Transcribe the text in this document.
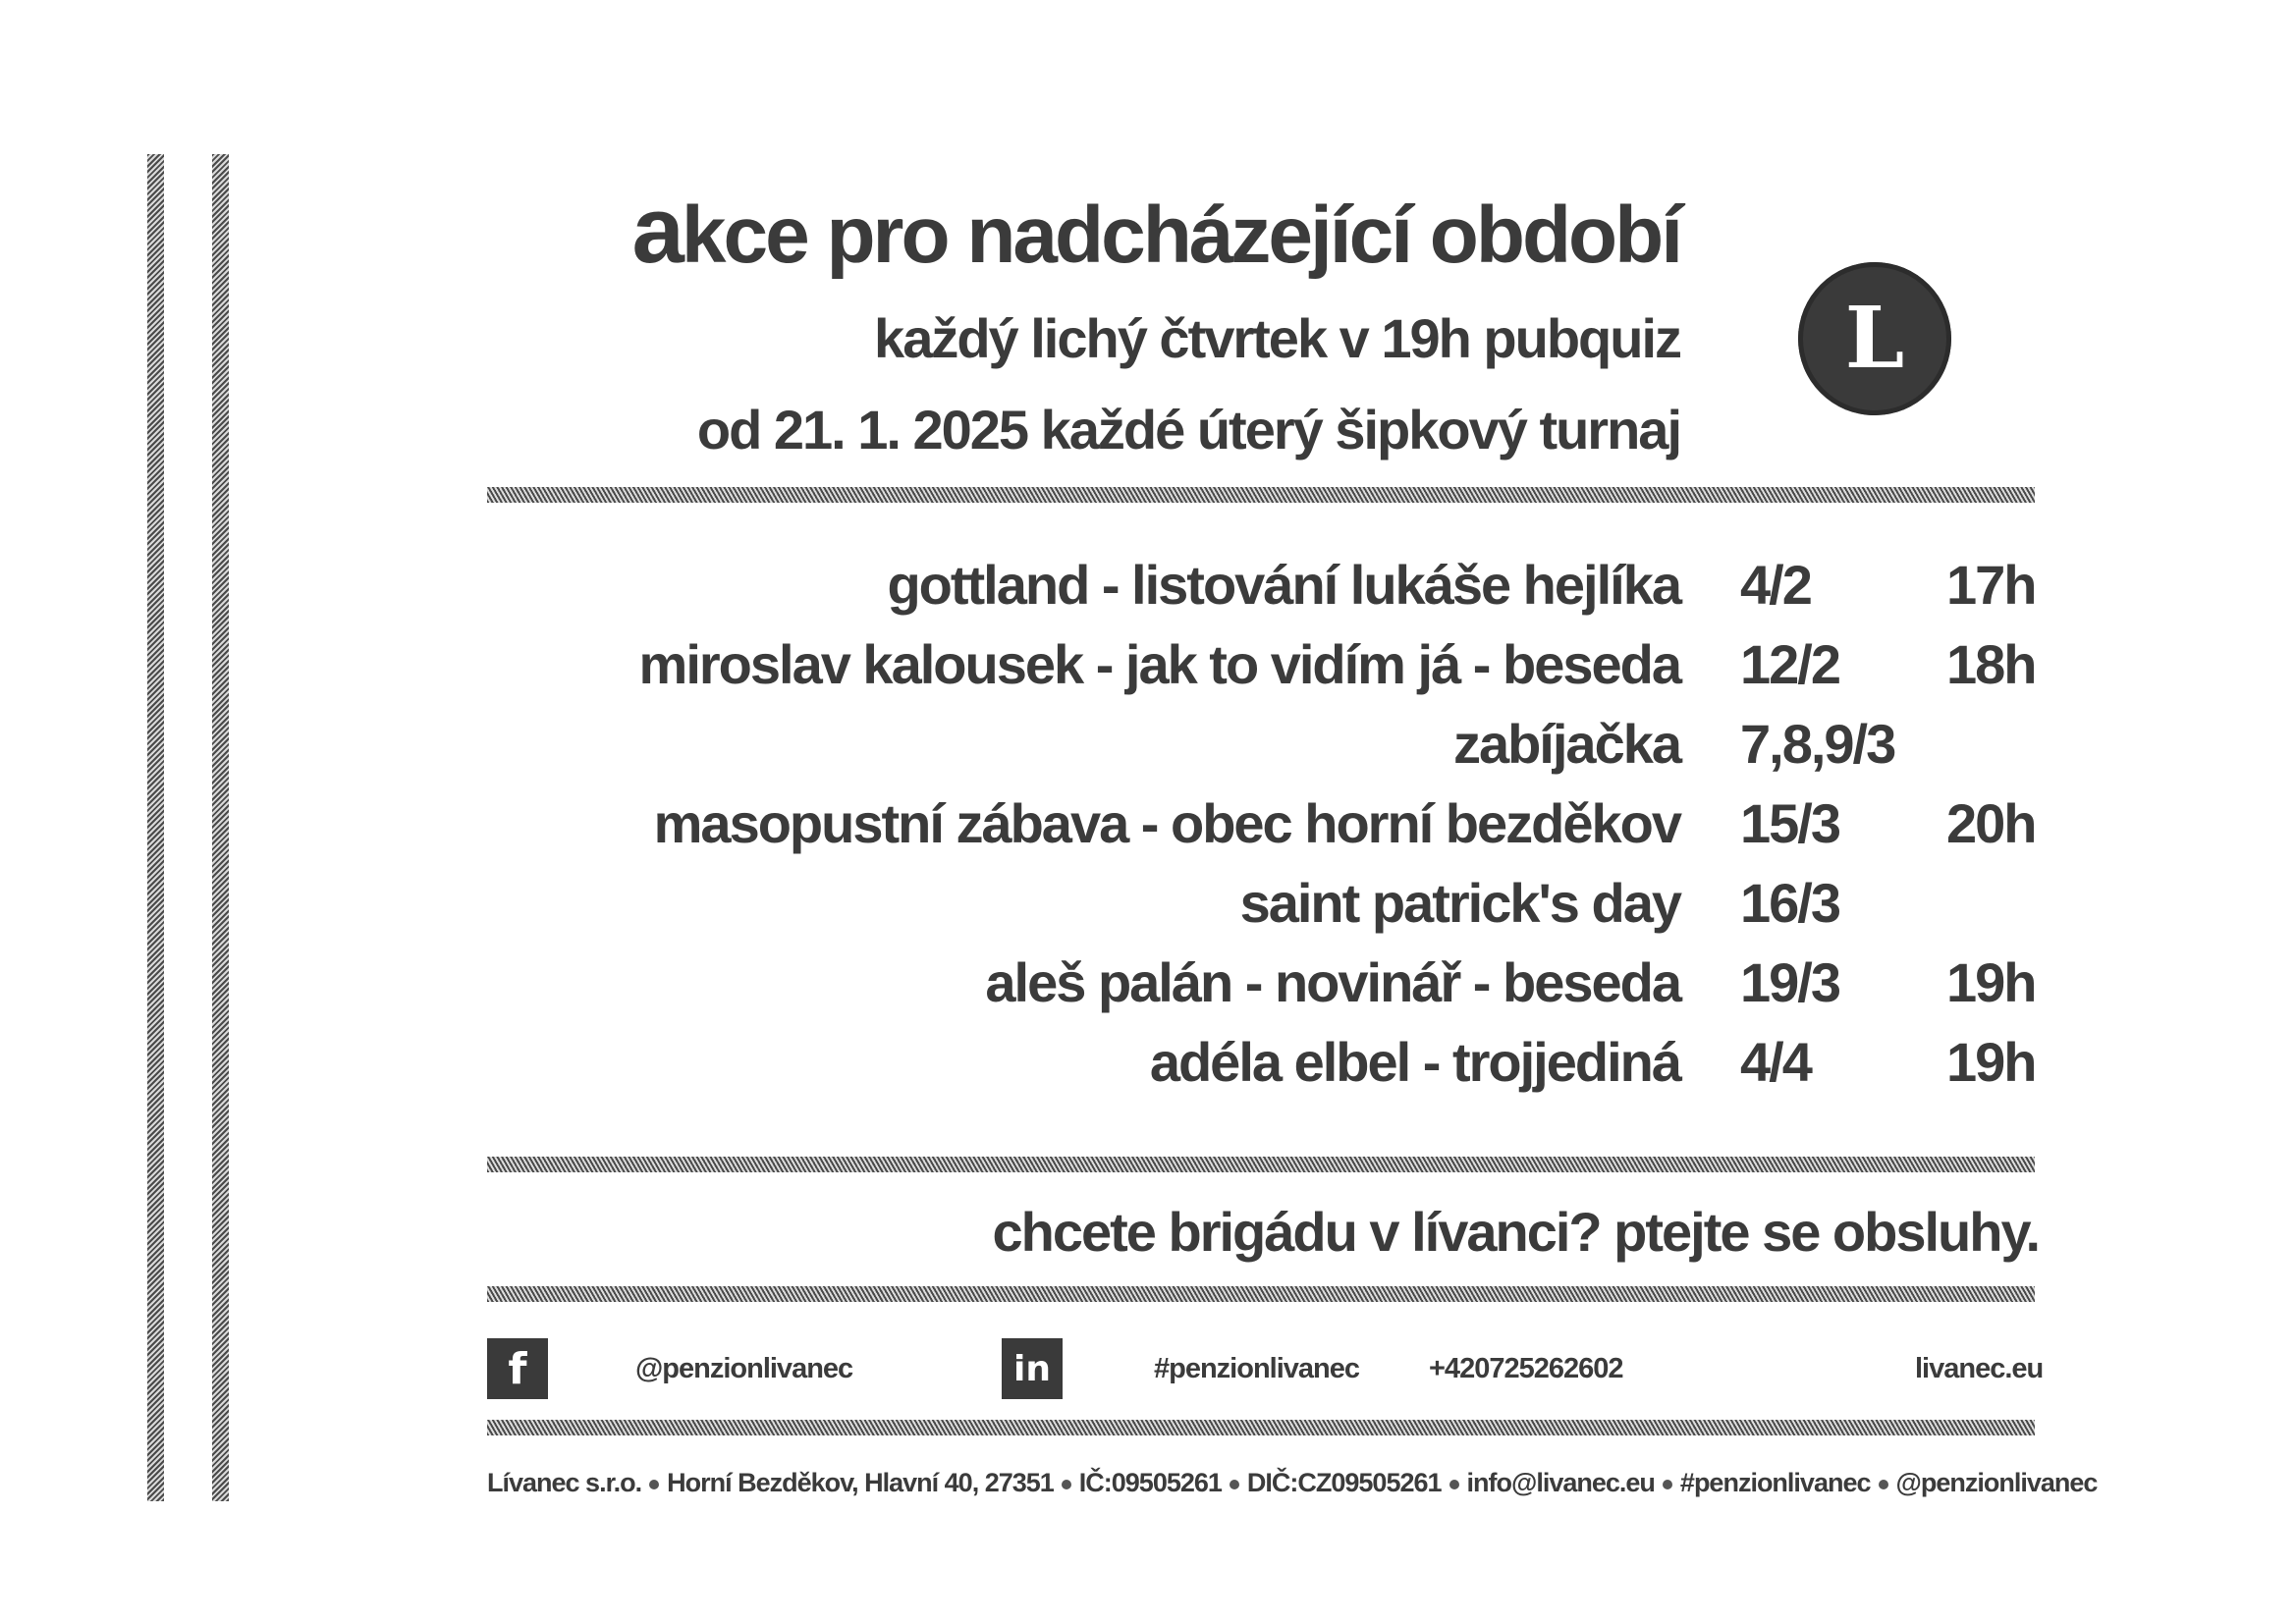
akce pro nadcházející období

každý lichý čtvrtek v 19h pubquiz

od 21. 1. 2025 každé úterý šipkový turnaj

L
gottland - listování lukáše hejlíka 4/2 17h
miroslav kalousek - jak to vidím já - beseda 12/2 18h
zabíjačka 7,8,9/3
masopustní zábava - obec horní bezděkov 15/3 20h
saint patrick's day 16/3
aleš palán - novinář - beseda 19/3 19h
adéla elbel - trojjediná 4/4 19h

chcete brigádu v lívanci? ptejte se obsluhy.

f	@penzionlivanec	in	#penzionlivanec +420725262602	livanec.eu
Lívanec s.r.o. Horní Bezděkov, Hlavní 40, 27351 IČ:09505261 DIČ:CZ09505261 info@livanec.eu #penzionlivanec @penzionlivanec
